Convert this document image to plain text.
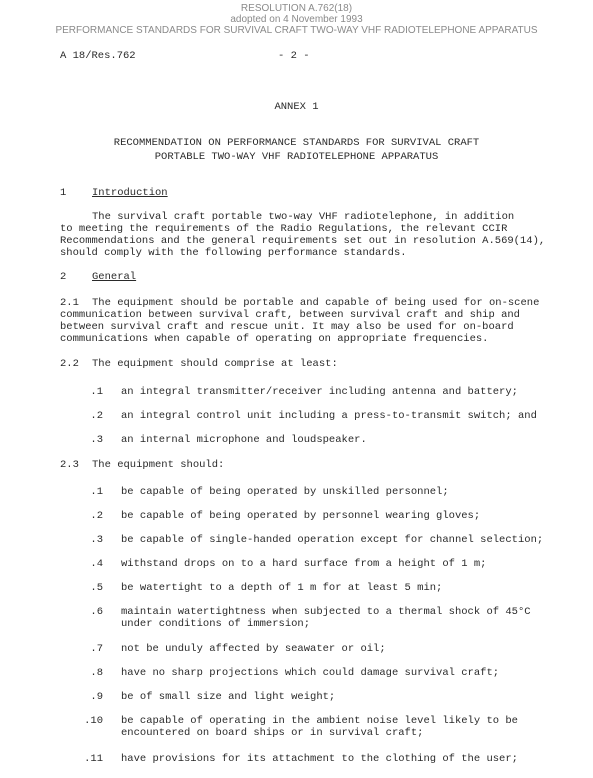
RESOLUTION A.762(18)
adopted on 4 November 1993
PERFORMANCE STANDARDS FOR SURVIVAL CRAFT TWO-WAY VHF RADIOTELEPHONE APPARATUS
A 18/Res.762	- 2 -
ANNEX 1
RECOMMENDATION ON PERFORMANCE STANDARDS FOR SURVIVAL CRAFT
PORTABLE TWO-WAY VHF RADIOTELEPHONE APPARATUS
1 Introduction
The survival craft portable two-way VHF radiotelephone, in addition
to meeting the requirements of the Radio Regulations, the relevant CCIR
Recommendations and the general requirements set out in resolution A.569(14),
should comply with the following performance standards.
2 General
2.1 The equipment should be portable and capable of being used for on-scene
communication between survival craft, between survival craft and ship and
between survival craft and rescue unit. It may also be used for on-board
communications when capable of operating on appropriate frequencies.
2.2 The equipment should comprise at least:
.1 an integral transmitter/receiver including antenna and battery;
.2 an integral control unit including a press-to-transmit switch; and
.3 an internal microphone and loudspeaker.
2.3 The equipment should:
.1 be capable of being operated by unskilled personnel;
.2 be capable of being operated by personnel wearing gloves;
.3 be capable of single-handed operation except for channel selection;
.4 withstand drops on to a hard surface from a height of 1 m;
.5 be watertight to a depth of 1 m for at least 5 min;
.6 maintain watertightness when subjected to a thermal shock of 45°C
under conditions of immersion;
.7 not be unduly affected by seawater or oil;
.8 have no sharp projections which could damage survival craft;
.9 be of small size and light weight;
.10 be capable of operating in the ambient noise level likely to be
encountered on board ships or in survival craft;
.11 have provisions for its attachment to the clothing of the user;
